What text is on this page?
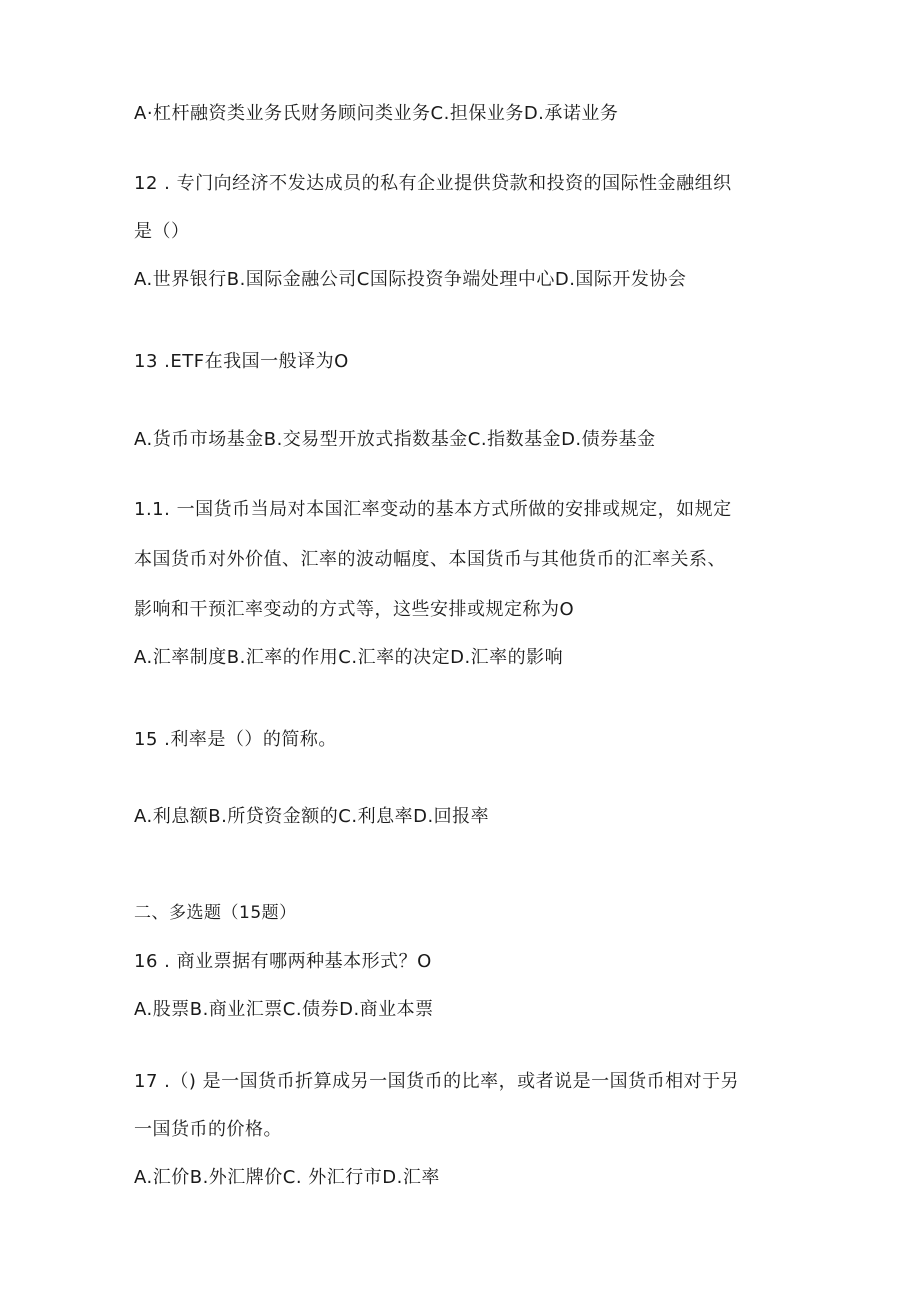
A·杠杆融资类业务氏财务顾问类业务C.担保业务D.承诺业务
12 . 专门向经济不发达成员的私有企业提供贷款和投资的国际性金融组织
是（）
A.世界银行B.国际金融公司C国际投资争端处理中心D.国际开发协会
13 .ETF在我国一般译为O
A.货币市场基金B.交易型开放式指数基金C.指数基金D.债券基金
1.1. 一国货币当局对本国汇率变动的基本方式所做的安排或规定，如规定
本国货币对外价值、汇率的波动幅度、本国货币与其他货币的汇率关系、
影响和干预汇率变动的方式等，这些安排或规定称为O
A.汇率制度B.汇率的作用C.汇率的决定D.汇率的影响
15 .利率是（）的简称。
A.利息额B.所贷资金额的C.利息率D.回报率
二、多选题（15题）
16 . 商业票据有哪两种基本形式？O
A.股票B.商业汇票C.债券D.商业本票
17 .（) 是一国货币折算成另一国货币的比率，或者说是一国货币相对于另
一国货币的价格。
A.汇价B.外汇牌价C. 外汇行市D.汇率
